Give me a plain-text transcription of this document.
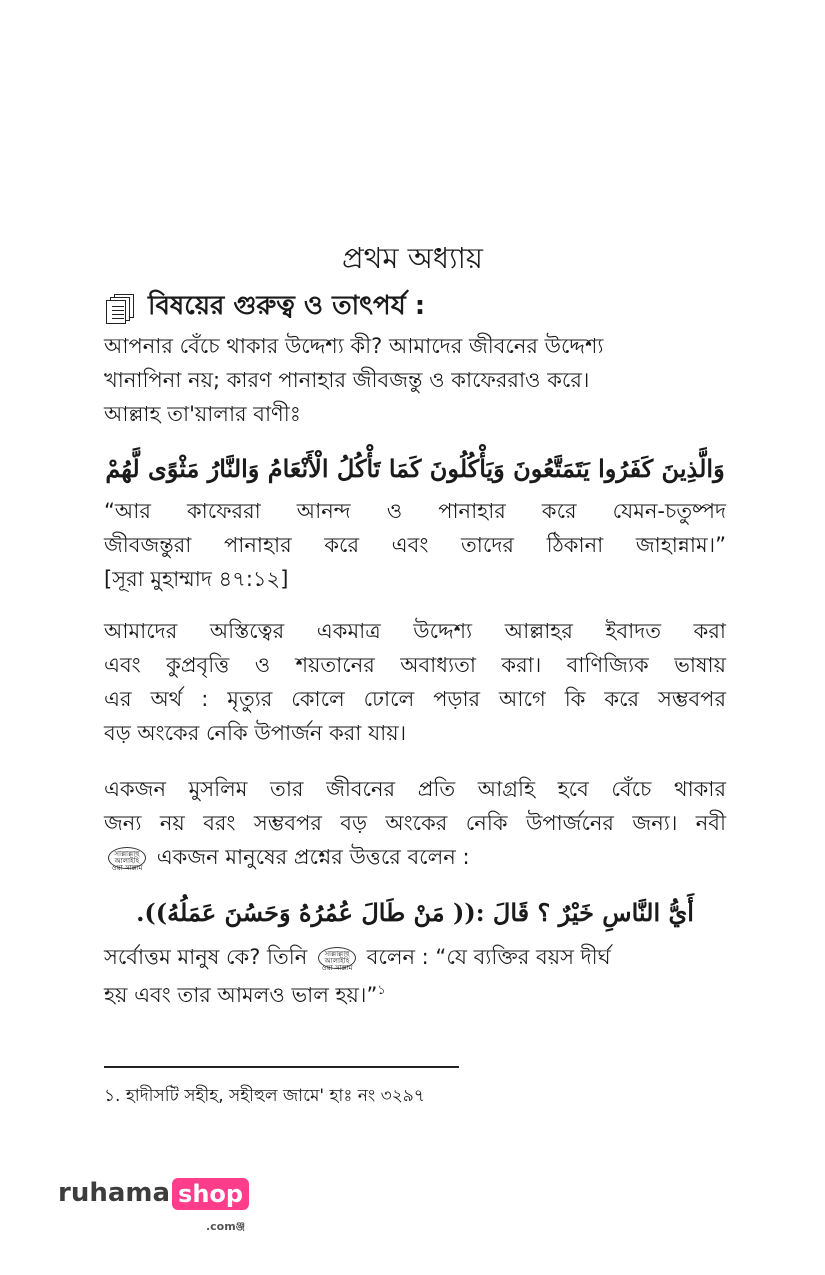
প্রথম অধ্যায়
বিষয়ের গুরুত্ব ও তাৎপর্য :
আপনার বেঁচে থাকার উদ্দেশ্য কী? আমাদের জীবনের উদ্দেশ্য
খানাপিনা নয়; কারণ পানাহার জীবজন্তু ও কাফেররাও করে।
আল্লাহ তা'য়ালার বাণীঃ
وَالَّذِينَ كَفَرُوا يَتَمَتَّعُونَ وَيَأْكُلُونَ كَمَا تَأْكُلُ الْأَنْعَامُ وَالنَّارُ مَثْوًى لَّهُمْ
“আর কাফেররা আনন্দ ও পানাহার করে যেমন-চতুষ্পদ
জীবজন্তুরা পানাহার করে এবং তাদের ঠিকানা জাহান্নাম।”
[সূরা মুহাম্মাদ ৪৭:১২]
আমাদের অস্তিত্বের একমাত্র উদ্দেশ্য আল্লাহর ইবাদত করা
এবং কুপ্রবৃত্তি ও শয়তানের অবাধ্যতা করা। বাণিজ্যিক ভাষায়
এর অর্থ : মৃত্যুর কোলে ঢোলে পড়ার আগে কি করে সম্ভবপর
বড় অংকের নেকি উপার্জন করা যায়।
একজন মুসলিম তার জীবনের প্রতি আগ্রহি হবে বেঁচে থাকার
জন্য নয় বরং সম্ভবপর বড় অংকের নেকি উপার্জনের জন্য। নবী
সাল্লাল্লাহু আলাইহি ওয়া সাল্লাম একজন মানুষের প্রশ্নের উত্তরে বলেন :
أَيُّ النَّاسِ خَيْرٌ ؟ قَالَ :(( مَنْ طَالَ عُمُرُهُ وَحَسُنَ عَمَلُهُ)).
সর্বোত্তম মানুষ কে? তিনি সাল্লাল্লাহু আলাইহি ওয়া সাল্লাম বলেন : “যে ব্যক্তির বয়স দীর্ঘ
হয় এবং তার আমলও ভাল হয়।”$^১$
১. হাদীসটি সহীহ, সহীহুল জামে' হাঃ নং ৩২৯৭
ruhama shop
.comঞ্জ
